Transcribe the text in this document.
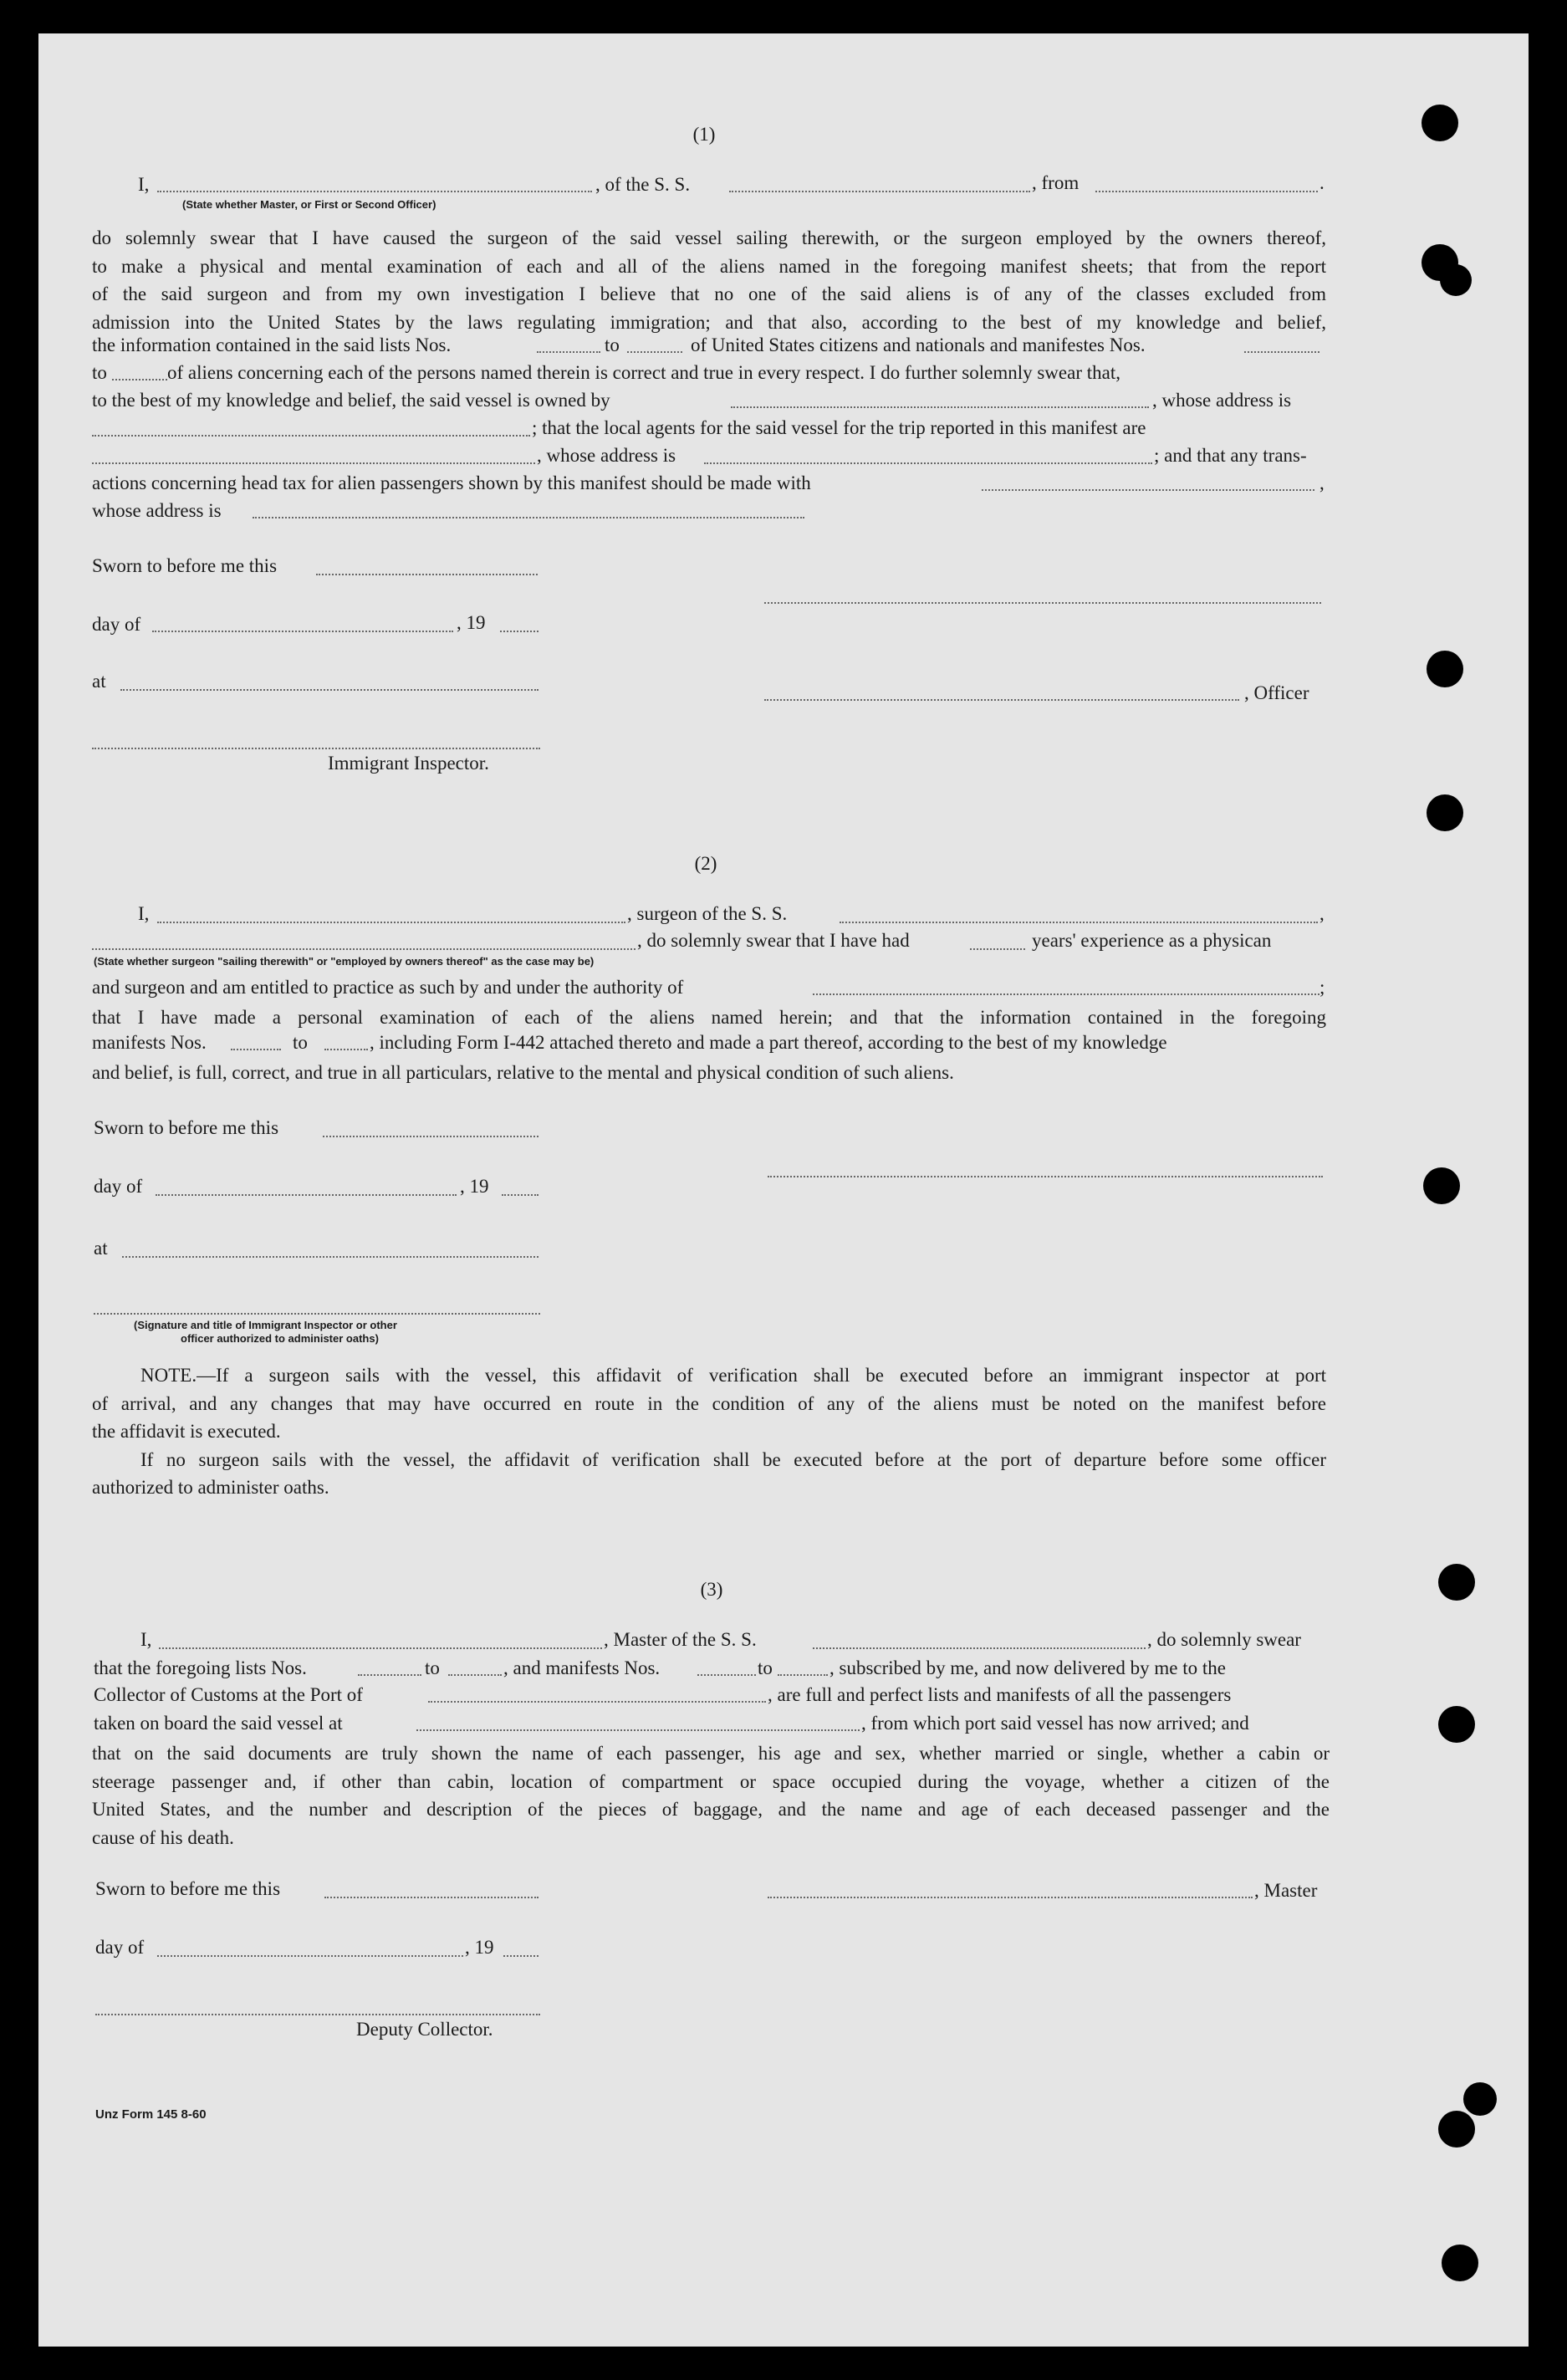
(1)
I,	, of the S. S.	, from	.
(State whether Master, or First or Second Officer)
do solemnly swear that I have caused the surgeon of the said vessel sailing therewith, or the surgeon employed by the owners thereof,
to make a physical and mental examination of each and all of the aliens named in the foregoing manifest sheets; that from the report
of the said surgeon and from my own investigation I believe that no one of the said aliens is of any of the classes excluded from
admission into the United States by the laws regulating immigration; and that also, according to the best of my knowledge and belief,
the information contained in the said lists Nos.	to	of United States citizens and nationals and manifestes Nos.
to	of aliens concerning each of the persons named therein is correct and true in every respect. I do further solemnly swear that,
to the best of my knowledge and belief, the said vessel is owned by	, whose address is
; that the local agents for the said vessel for the trip reported in this manifest are
, whose address is	; and that any trans-
actions concerning head tax for alien passengers shown by this manifest should be made with	,
whose address is
Sworn to before me this
day of	, 19
at
, Officer
Immigrant Inspector.
(2)
I,	, surgeon of the S. S.	,
, do solemnly swear that I have had	years' experience as a physican
(State whether surgeon "sailing therewith" or "employed by owners thereof" as the case may be)
and surgeon and am entitled to practice as such by and under the authority of	;
that I have made a personal examination of each of the aliens named herein; and that the information contained in the foregoing
manifests Nos.	to	, including Form I-442 attached thereto and made a part thereof, according to the best of my knowledge
and belief, is full, correct, and true in all particulars, relative to the mental and physical condition of such aliens.
Sworn to before me this
day of	, 19
at
(Signature and title of Immigrant Inspector or other
officer authorized to administer oaths)
NOTE.—If a surgeon sails with the vessel, this affidavit of verification shall be executed before an immigrant inspector at port
of arrival, and any changes that may have occurred en route in the condition of any of the aliens must be noted on the manifest before
the affidavit is executed.
If no surgeon sails with the vessel, the affidavit of verification shall be executed before at the port of departure before some officer
authorized to administer oaths.
(3)
I,	, Master of the S. S.	, do solemnly swear
that the foregoing lists Nos.	to	, and manifests Nos.	to	, subscribed by me, and now delivered by me to the
Collector of Customs at the Port of	, are full and perfect lists and manifests of all the passengers
taken on board the said vessel at	, from which port said vessel has now arrived; and
that on the said documents are truly shown the name of each passenger, his age and sex, whether married or single, whether a cabin or
steerage passenger and, if other than cabin, location of compartment or space occupied during the voyage, whether a citizen of the
United States, and the number and description of the pieces of baggage, and the name and age of each deceased passenger and the
cause of his death.
Sworn to before me this	, Master
day of	, 19
Deputy Collector.
Unz Form 145 8-60
